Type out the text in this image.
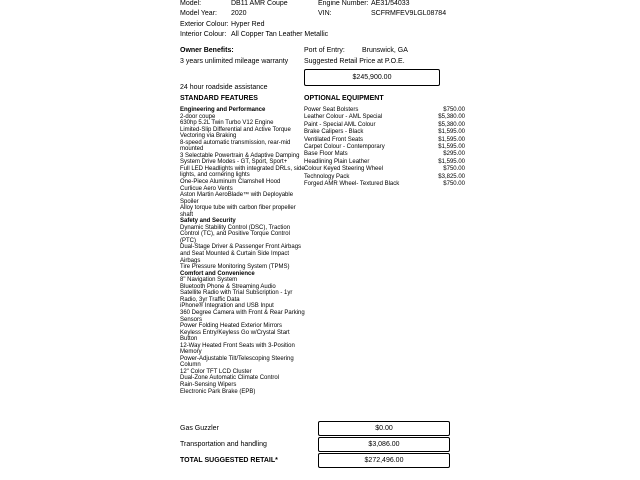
Model:	DB11 AMR Coupe
Model Year: 2020
Engine Number: AE31/54033
VIN:	SCFRMFEV9LGL08784
Exterior Colour: Hyper Red
Interior Colour: All Copper Tan Leather Metallic
Owner Benefits:
3 years unlimited mileage warranty
24 hour roadside assistance
Port of Entry: Brunswick, GA
Suggested Retail Price at P.O.E.
$245,900.00
STANDARD FEATURES	OPTIONAL EQUIPMENT
Engineering and Performance
2-door coupe
630hp 5.2L Twin Turbo V12 Engine
Limited-Slip Differential and Active Torque
Vectoring via Braking
8-speed automatic transmission, rear-mid
mounted
3 Selectable Powertrain & Adaptive Damping
System Drive Modes - GT, Sport, Sport+
Full LED Headlights with integrated DRLs, side
lights, and cornering lights
One-Piece Aluminum Clamshell Hood
Curlicue Aero Vents
Aston Martin AeroBlade™ with Deployable
Spoiler
Alloy torque tube with carbon fiber propeller
shaft
Safety and Security
Dynamic Stability Control (DSC), Traction
Control (TC), and Positive Torque Control
(PTC)
Dual-Stage Driver & Passenger Front Airbags
and Seat Mounted & Curtain Side Impact
Airbags
Tire Pressure Monitoring System (TPMS)
Comfort and Convenience
8" Navigation System
Bluetooth Phone & Streaming Audio
Satellite Radio with Trial Subscription - 1yr
Radio, 3yr Traffic Data
iPhone® Integration and USB Input
360 Degree Camera with Front & Rear Parking
Sensors
Power Folding Heated Exterior Mirrors
Keyless Entry/Keyless Go w/Crystal Start
Button
12-Way Heated Front Seats with 3-Position
Memory
Power-Adjustable Tilt/Telescoping Steering
Column
12" Color TFT LCD Cluster
Dual-Zone Automatic Climate Control
Rain-Sensing Wipers
Electronic Park Brake (EPB)
Power Seat Bolsters	$750.00
Leather Colour - AML Special	$5,380.00
Paint - Special AML Colour	$5,380.00
Brake Calipers - Black	$1,595.00
Ventilated Front Seats	$1,595.00
Carpet Colour - Contemporary	$1,595.00
Base Floor Mats	$295.00
Headlining Plain Leather	$1,595.00
Colour Keyed Steering Wheel	$750.00
Technology Pack	$3,825.00
Forged AMR Wheel- Textured Black	$750.00
Gas Guzzler	$0.00
Transportation and handling	$3,086.00
TOTAL SUGGESTED RETAIL*	$272,496.00
